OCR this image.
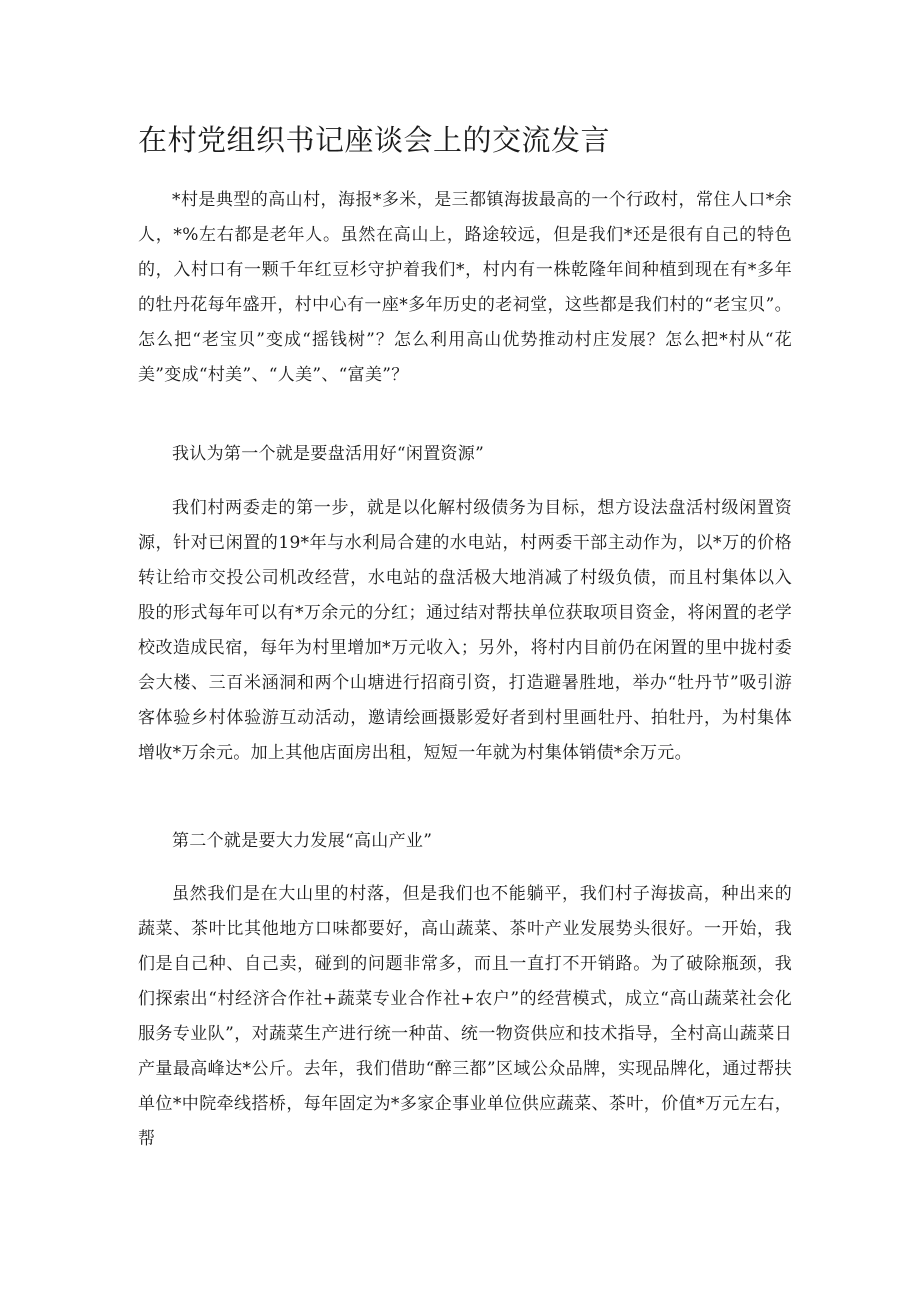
在村党组织书记座谈会上的交流发言

*村是典型的高山村，海报*多米，是三都镇海拔最高的一个行政村，常住人口*余人，*%左右都是老年人。虽然在高山上，路途较远，但是我们*还是很有自己的特色的，入村口有一颗千年红豆杉守护着我们*，村内有一株乾隆年间种植到现在有*多年的牡丹花每年盛开，村中心有一座*多年历史的老祠堂，这些都是我们村的“老宝贝”。怎么把“老宝贝”变成“摇钱树”？怎么利用高山优势推动村庄发展？怎么把*村从“花美”变成“村美”、“人美”、“富美”？

我认为第一个就是要盘活用好“闲置资源”

我们村两委走的第一步，就是以化解村级债务为目标，想方设法盘活村级闲置资源，针对已闲置的19*年与水利局合建的水电站，村两委干部主动作为，以*万的价格转让给市交投公司机改经营，水电站的盘活极大地消减了村级负债，而且村集体以入股的形式每年可以有*万余元的分红；通过结对帮扶单位获取项目资金，将闲置的老学校改造成民宿，每年为村里增加*万元收入；另外，将村内目前仍在闲置的里中拢村委会大楼、三百米涵洞和两个山塘进行招商引资，打造避暑胜地，举办“牡丹节”吸引游客体验乡村体验游互动活动，邀请绘画摄影爱好者到村里画牡丹、拍牡丹，为村集体增收*万余元。加上其他店面房出租，短短一年就为村集体销债*余万元。

第二个就是要大力发展“高山产业”

虽然我们是在大山里的村落，但是我们也不能躺平，我们村子海拔高，种出来的蔬菜、茶叶比其他地方口味都要好，高山蔬菜、茶叶产业发展势头很好。一开始，我们是自己种、自己卖，碰到的问题非常多，而且一直打不开销路。为了破除瓶颈，我们探索出“村经济合作社+蔬菜专业合作社+农户”的经营模式，成立“高山蔬菜社会化服务专业队”，对蔬菜生产进行统一种苗、统一物资供应和技术指导，全村高山蔬菜日产量最高峰达*公斤。去年，我们借助“醉三都”区域公众品牌，实现品牌化，通过帮扶单位*中院牵线搭桥，每年固定为*多家企事业单位供应蔬菜、茶叶，价值*万元左右，帮
